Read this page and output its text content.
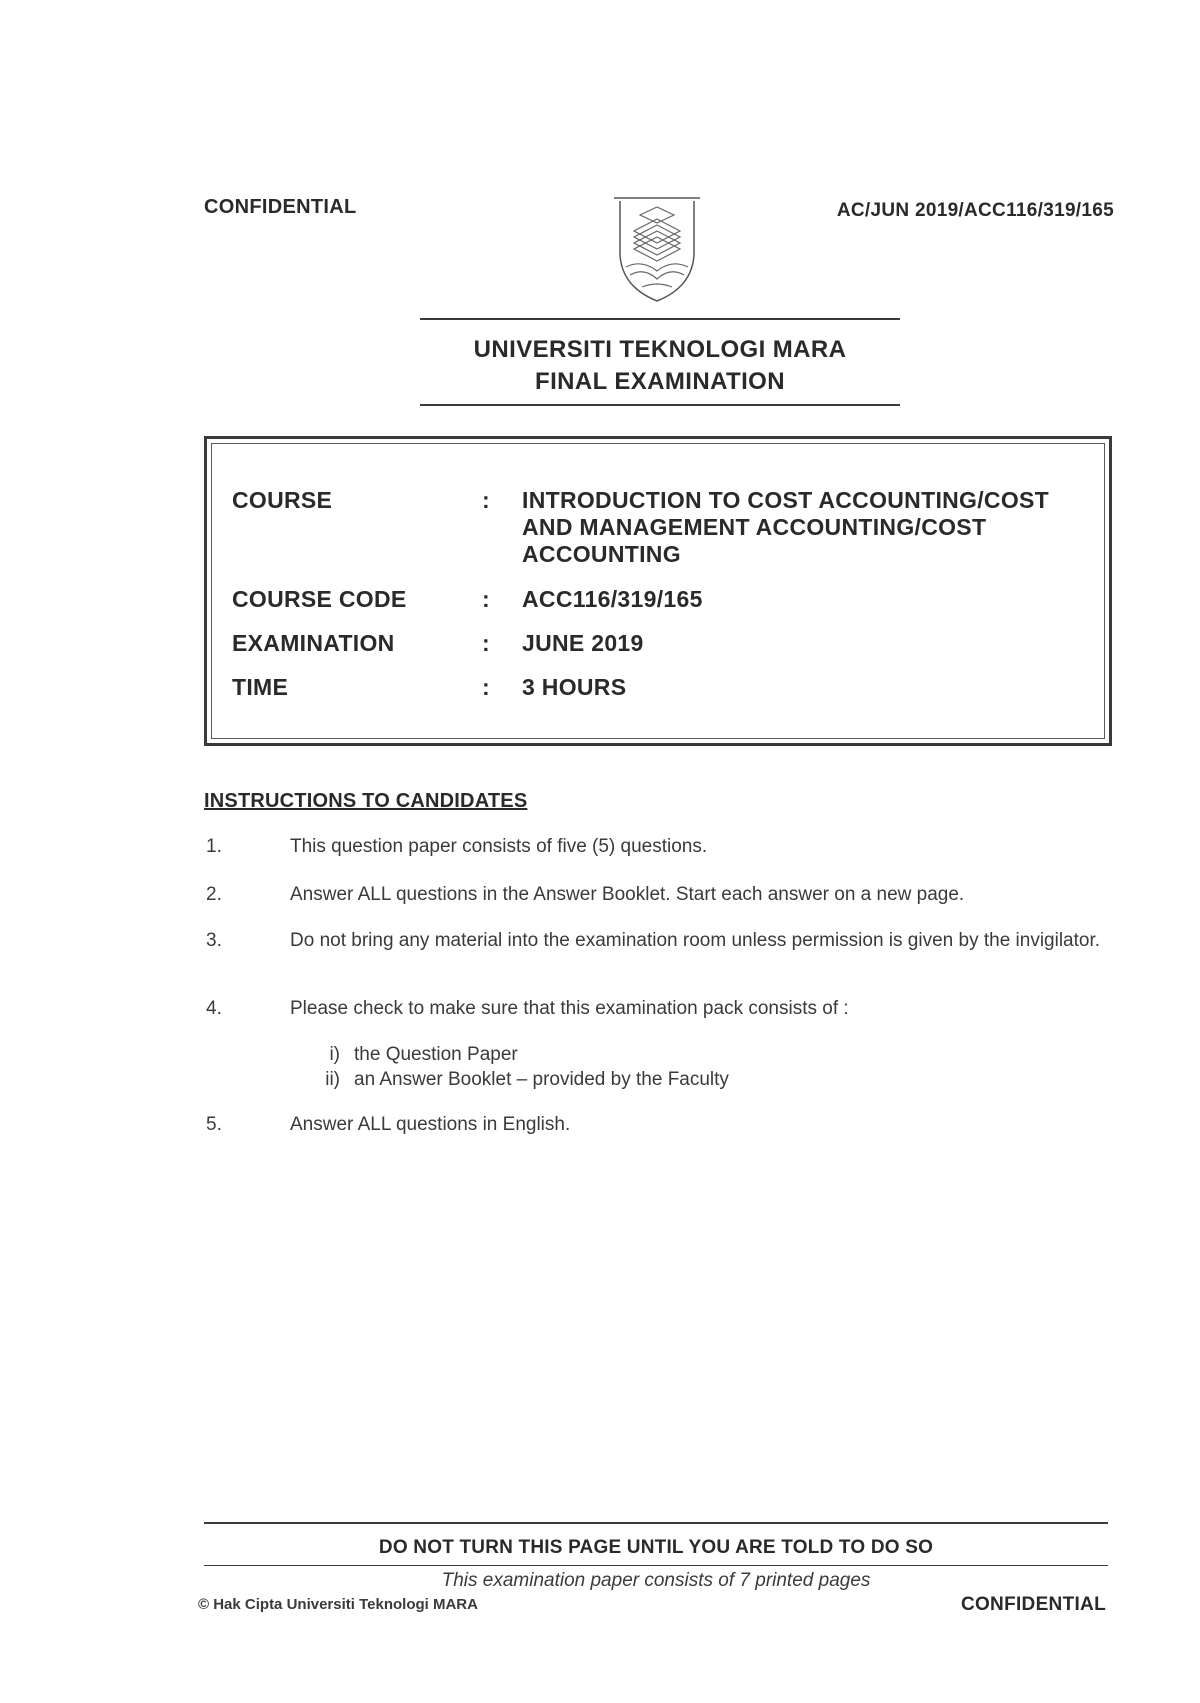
CONFIDENTIAL	AC/JUN 2019/ACC116/319/165
UNIVERSITI TEKNOLOGI MARA
FINAL EXAMINATION
COURSE	: INTRODUCTION TO COST ACCOUNTING/COST AND MANAGEMENT ACCOUNTING/COST ACCOUNTING
COURSE CODE	: ACC116/319/165
EXAMINATION	: JUNE 2019
TIME	: 3 HOURS
INSTRUCTIONS TO CANDIDATES
1.	This question paper consists of five (5) questions.
2.	Answer ALL questions in the Answer Booklet. Start each answer on a new page.
3.	Do not bring any material into the examination room unless permission is given by the invigilator.
4.	Please check to make sure that this examination pack consists of :
i) the Question Paper
ii) an Answer Booklet – provided by the Faculty
5.	Answer ALL questions in English.
DO NOT TURN THIS PAGE UNTIL YOU ARE TOLD TO DO SO
This examination paper consists of 7 printed pages
© Hak Cipta Universiti Teknologi MARA	CONFIDENTIAL
